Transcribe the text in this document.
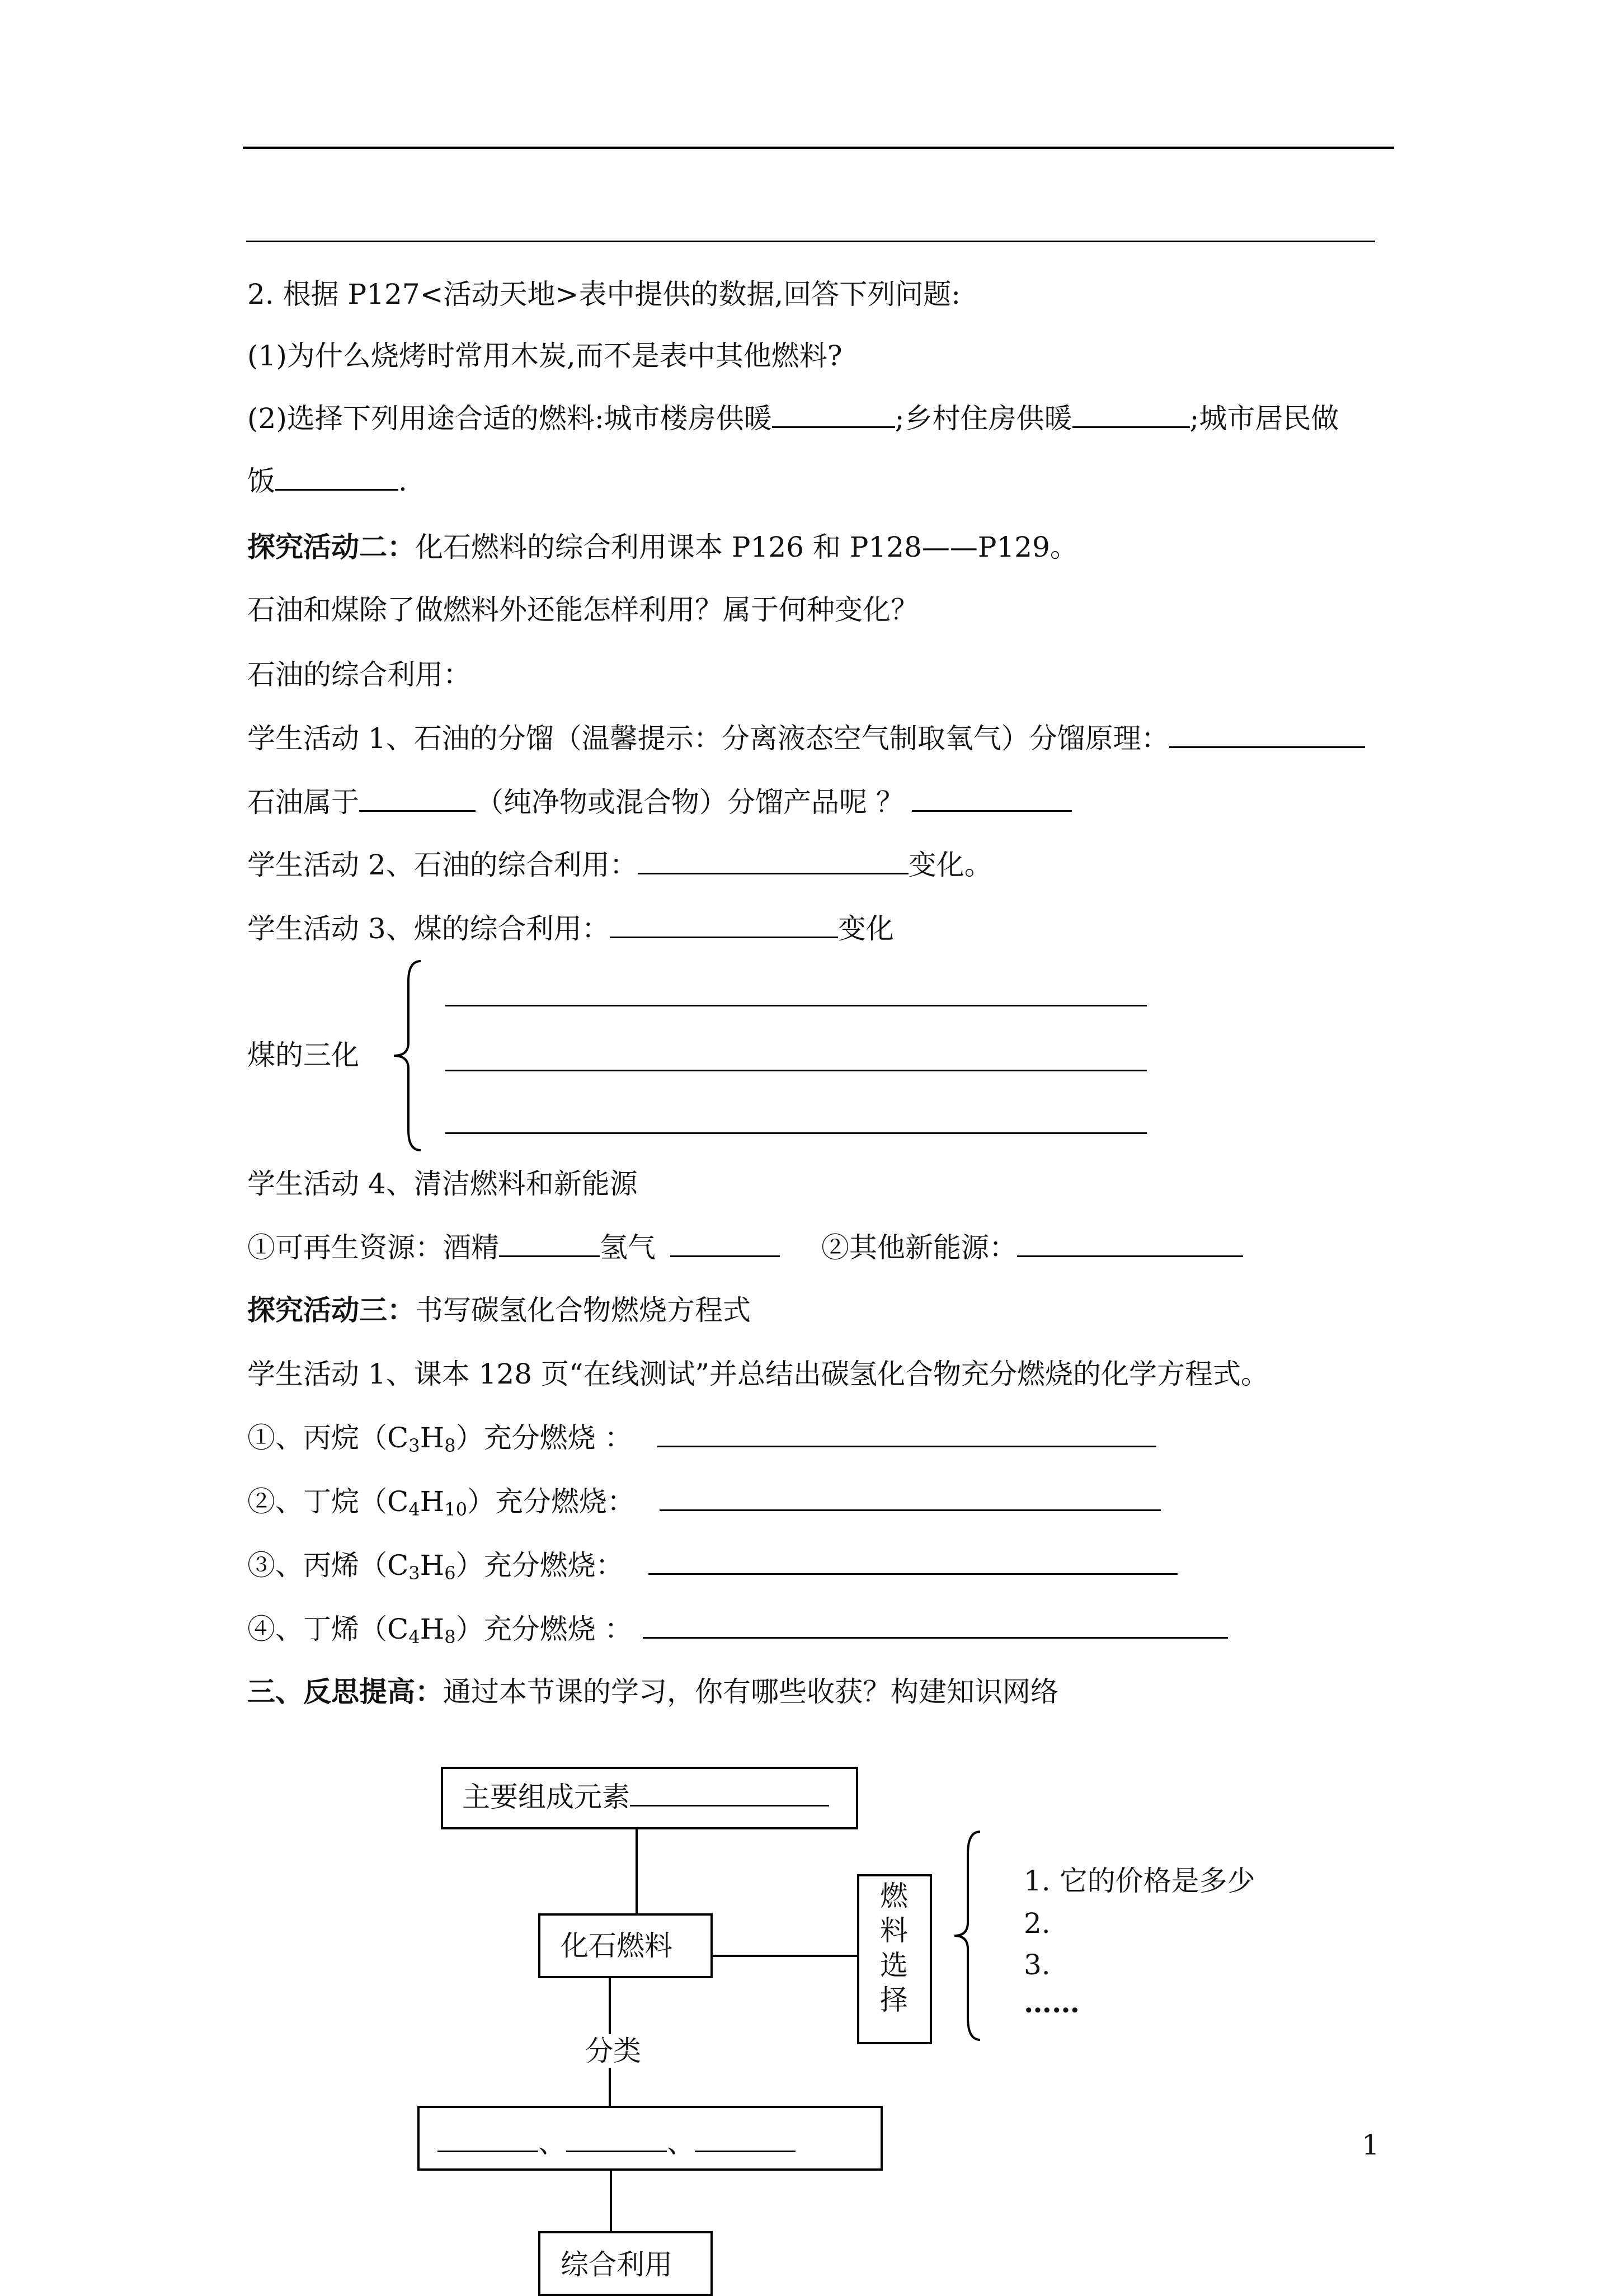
2. 根据 P127<活动天地>表中提供的数据,回答下列问题:
(1)为什么烧烤时常用木炭,而不是表中其他燃料?
(2)选择下列用途合适的燃料:城市楼房供暖	;乡村住房供暖	;城市居民做
饭	.
探究活动二：化石燃料的综合利用课本 P126 和 P128——P129。
石油和煤除了做燃料外还能怎样利用？属于何种变化？
石油的综合利用：
学生活动 1、石油的分馏（温馨提示：分离液态空气制取氧气）分馏原理：
石油属于	（纯净物或混合物）分馏产品呢 ？
学生活动 2、石油的综合利用：	变化。
学生活动 3、煤的综合利用：	变化
煤的三化
学生活动 4、清洁燃料和新能源
①可再生资源：酒精	氢气	②其他新能源：
探究活动三：书写碳氢化合物燃烧方程式
学生活动 1、课本 128 页“在线测试”并总结出碳氢化合物充分燃烧的化学方程式。
①、丙烷$(C_3H_8)$充分燃烧 ：
②、丁烷$(C_4H_{10})$充分燃烧：
③、丙烯$(C_3H_6)$充分燃烧：
④、丁烯$(C_4H_8)$充分燃烧 ：
三、反思提高：通过本节课的学习，你有哪些收获？构建知识网络
主要组成元素
化石燃料
燃
料
选
择
1. 它的价格是多少
2.
3.
……
分类
、	、
综合利用
1
